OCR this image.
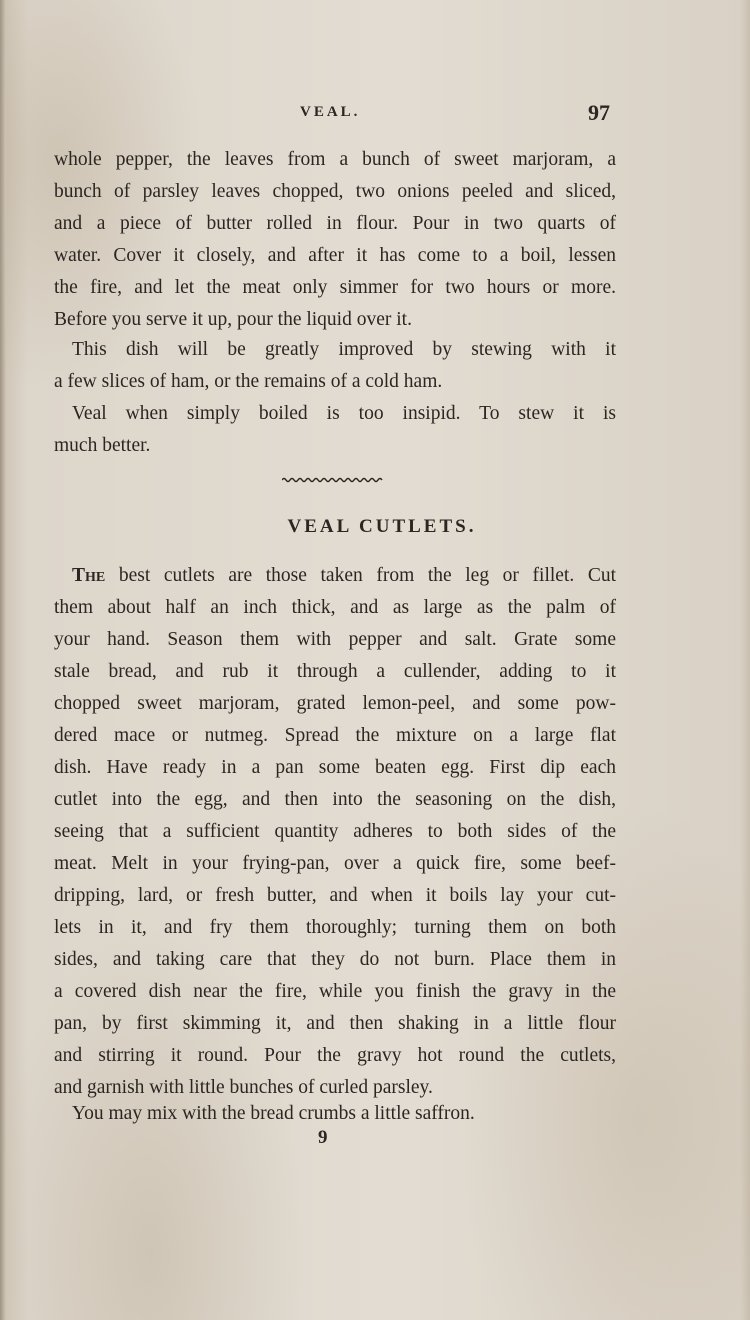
VEAL.	97
whole pepper, the leaves from a bunch of sweet marjoram, a
bunch of parsley leaves chopped, two onions peeled and sliced,
and a piece of butter rolled in flour. Pour in two quarts of
water. Cover it closely, and after it has come to a boil, lessen
the fire, and let the meat only simmer for two hours or more.
Before you serve it up, pour the liquid over it.
This dish will be greatly improved by stewing with it
a few slices of ham, or the remains of a cold ham.
Veal when simply boiled is too insipid. To stew it is
much better.
VEAL CUTLETS.
The best cutlets are those taken from the leg or fillet. Cut
them about half an inch thick, and as large as the palm of
your hand. Season them with pepper and salt. Grate some
stale bread, and rub it through a cullender, adding to it
chopped sweet marjoram, grated lemon-peel, and some pow-
dered mace or nutmeg. Spread the mixture on a large flat
dish. Have ready in a pan some beaten egg. First dip each
cutlet into the egg, and then into the seasoning on the dish,
seeing that a sufficient quantity adheres to both sides of the
meat. Melt in your frying-pan, over a quick fire, some beef-
dripping, lard, or fresh butter, and when it boils lay your cut-
lets in it, and fry them thoroughly; turning them on both
sides, and taking care that they do not burn. Place them in
a covered dish near the fire, while you finish the gravy in the
pan, by first skimming it, and then shaking in a little flour
and stirring it round. Pour the gravy hot round the cutlets,
and garnish with little bunches of curled parsley.
You may mix with the bread crumbs a little saffron.
9
